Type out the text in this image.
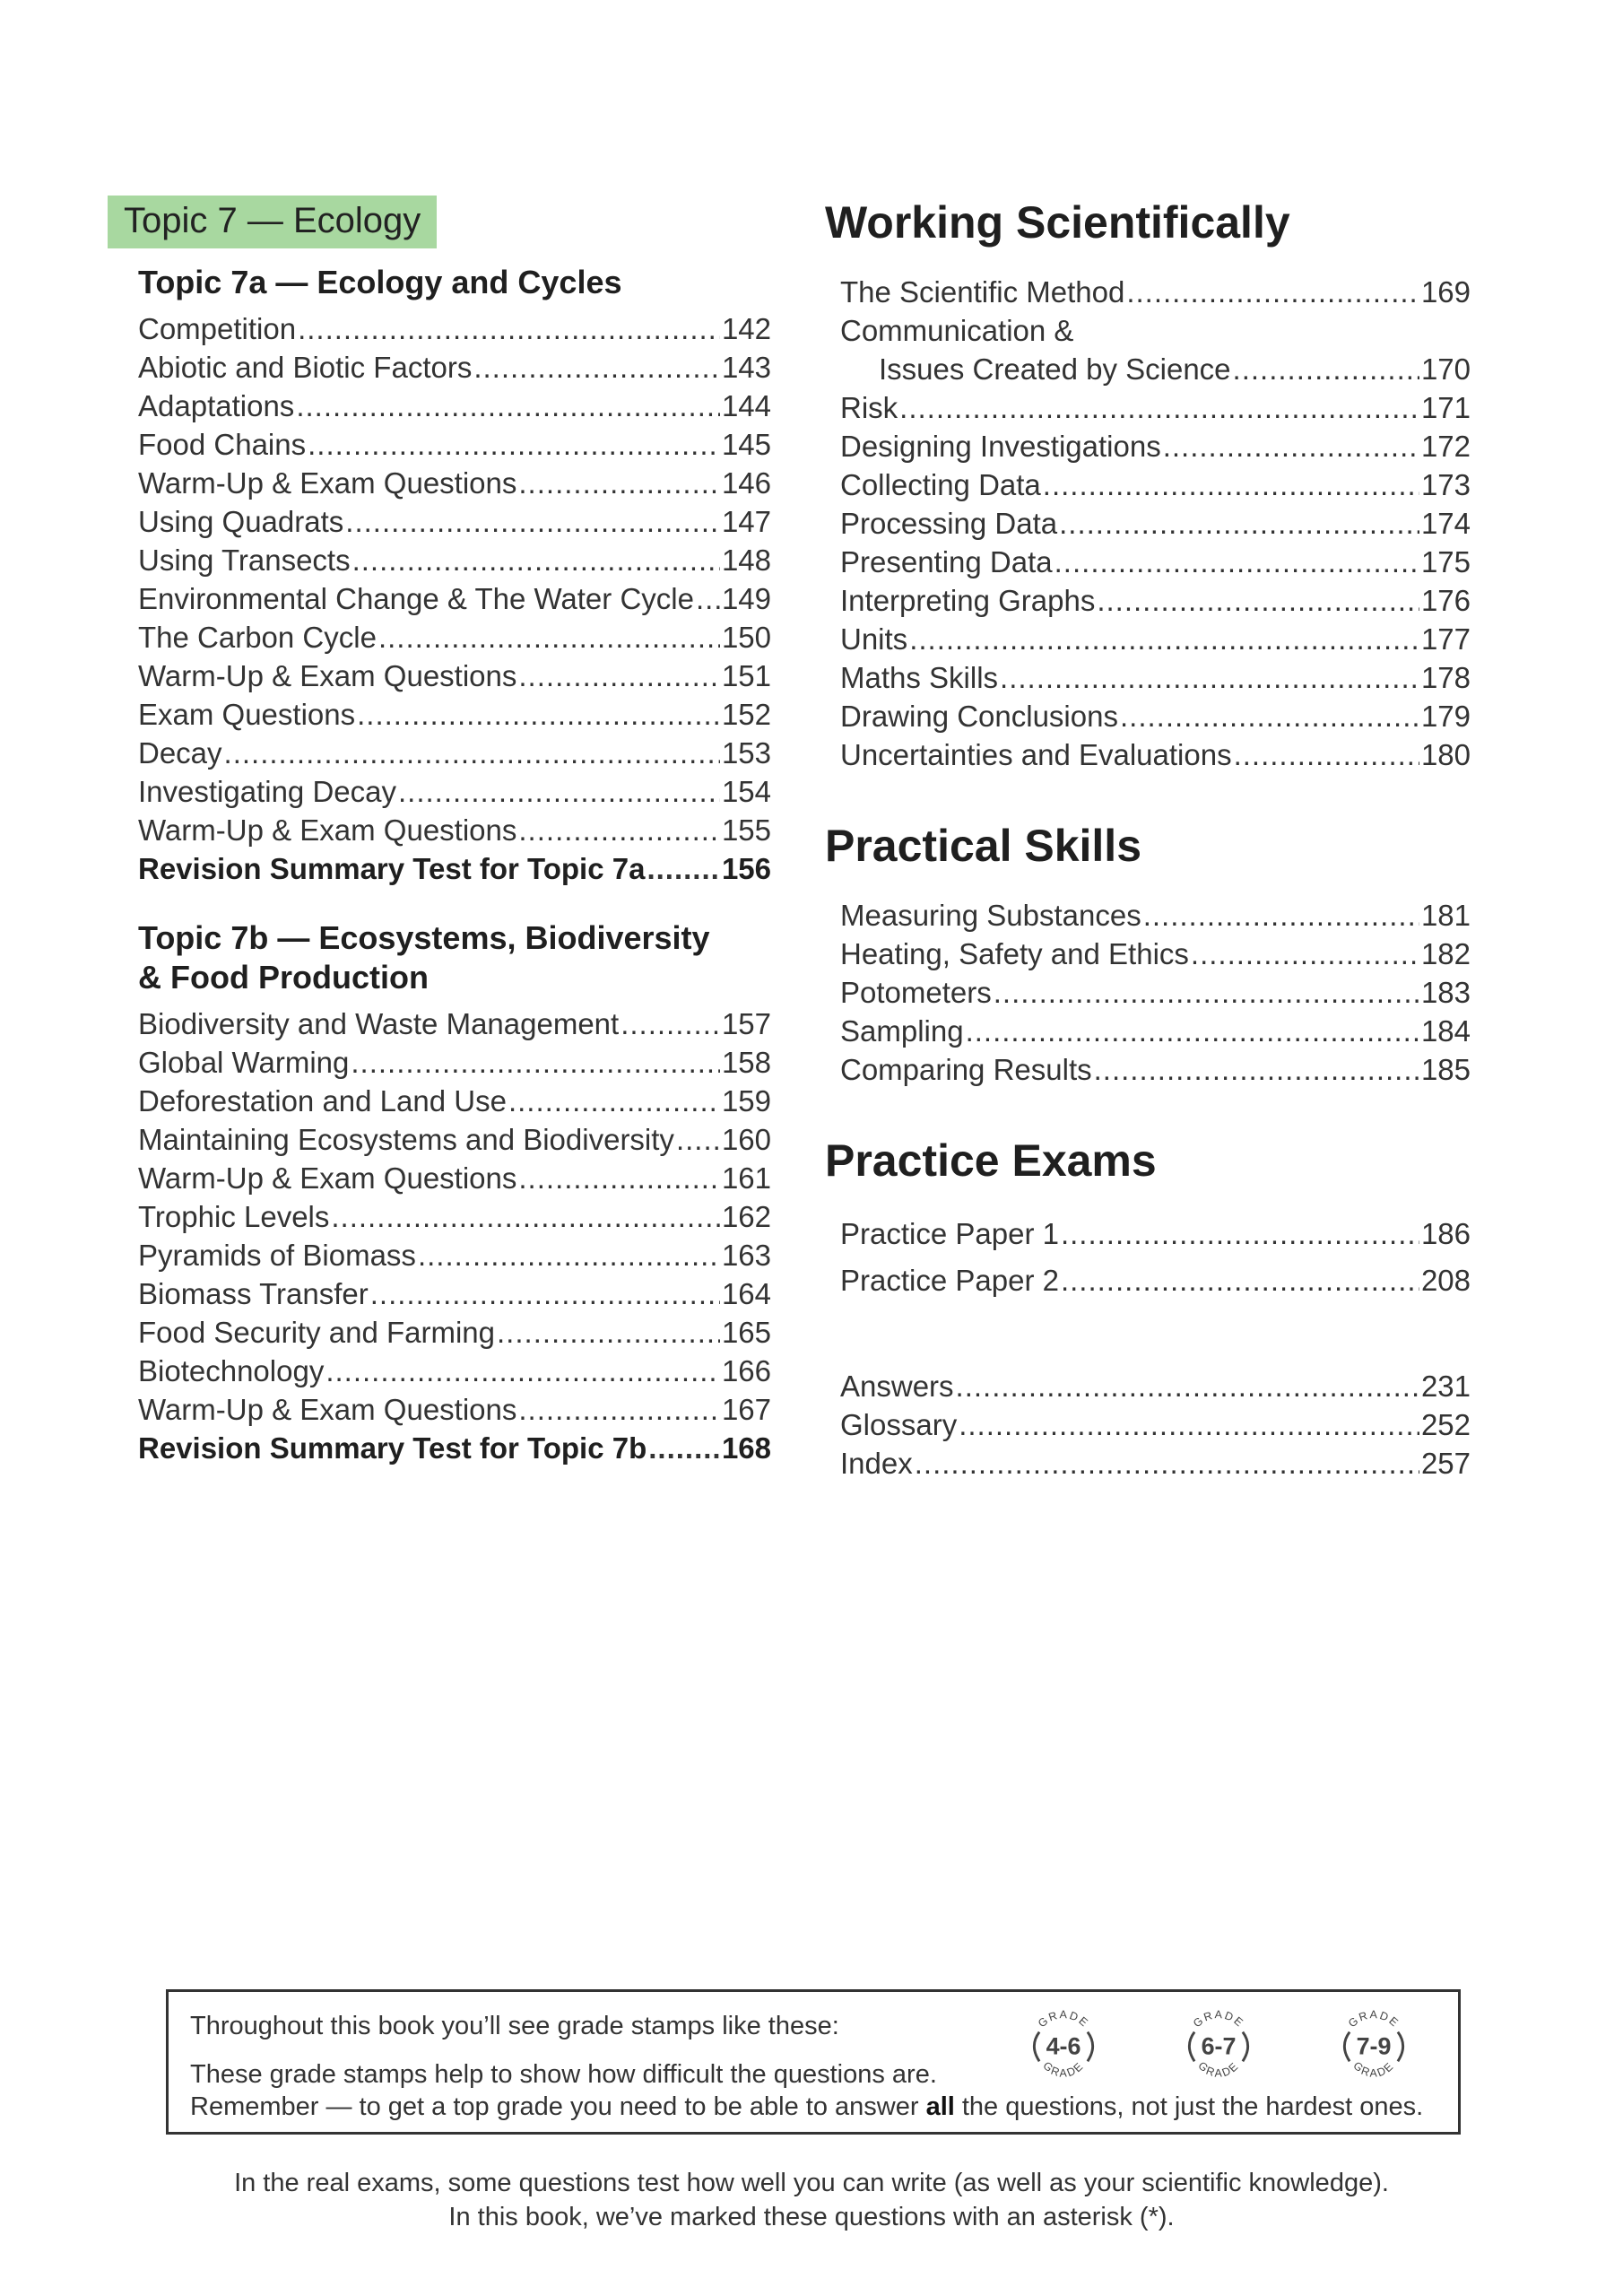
Topic 7 — Ecology
Topic 7a — Ecology and Cycles
Competition .....	142
Abiotic and Biotic Factors .....	143
Adaptations .....	144
Food Chains .....	145
Warm-Up & Exam Questions .....	146
Using Quadrats .....	147
Using Transects .....	148
Environmental Change & The Water Cycle ..... 149
The Carbon Cycle .....	150
Warm-Up & Exam Questions .....	151
Exam Questions .....	152
Decay .....	153
Investigating Decay .....	154
Warm-Up & Exam Questions .....	155
Revision Summary Test for Topic 7a .....	156
Topic 7b — Ecosystems, Biodiversity
& Food Production
Biodiversity and Waste Management .....	157
Global Warming .....	158
Deforestation and Land Use .....	159
Maintaining Ecosystems and Biodiversity ..... 160
Warm-Up & Exam Questions .....	161
Trophic Levels .....	162
Pyramids of Biomass .....	163
Biomass Transfer .....	164
Food Security and Farming .....	165
Biotechnology .....	166
Warm-Up & Exam Questions .....	167
Revision Summary Test for Topic 7b .....	168
Working Scientifically
The Scientific Method .....	169
Communication &
Issues Created by Science .....	170
Risk .....	171
Designing Investigations .....	172
Collecting Data .....	173
Processing Data .....	174
Presenting Data .....	175
Interpreting Graphs .....	176
Units .....	177
Maths Skills .....	178
Drawing Conclusions .....	179
Uncertainties and Evaluations .....	180
Practical Skills
Measuring Substances .....	181
Heating, Safety and Ethics .....	182
Potometers .....	183
Sampling .....	184
Comparing Results .....	185
Practice Exams
Practice Paper 1 .....	186
Practice Paper 2 .....	208
Answers .....	231
Glossary .....	252
Index .....	257
Throughout this book you’ll see grade stamps like these:
These grade stamps help to show how difficult the questions are.
Remember — to get a top grade you need to be able to answer all the questions, not just the hardest ones.
GRADE
GRADE
4-6
GRADE
GRADE
6-7
GRADE
GRADE
7-9
In the real exams, some questions test how well you can write (as well as your scientific knowledge).
In this book, we’ve marked these questions with an asterisk (*).
